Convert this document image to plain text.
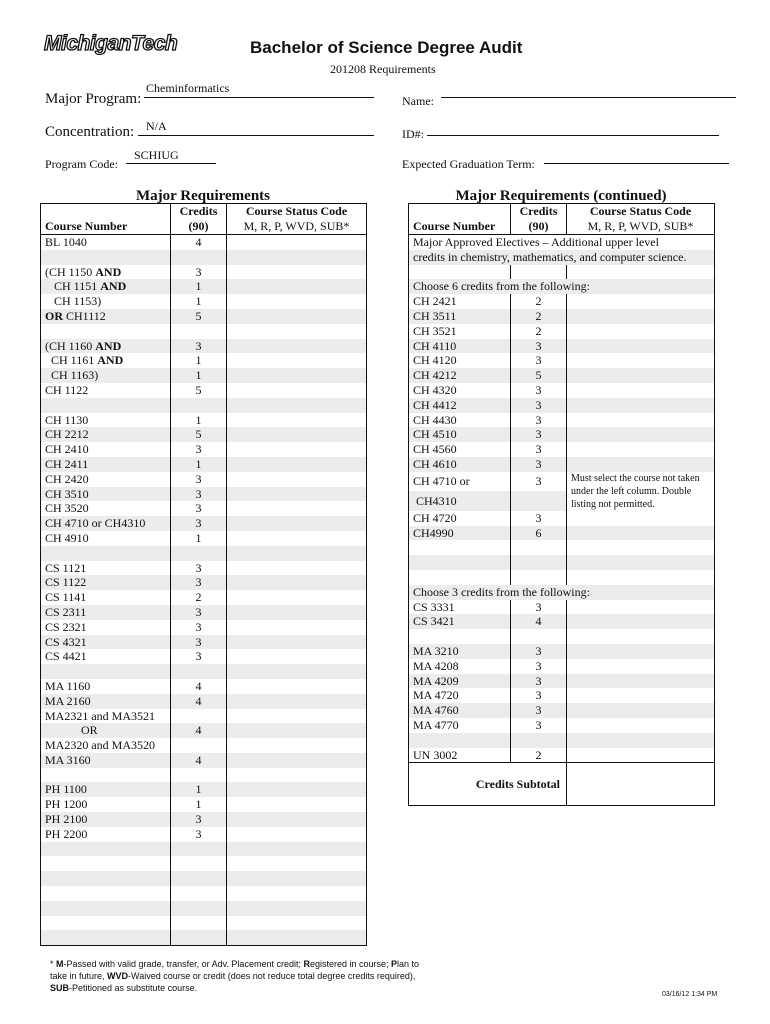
MichiganTech	Bachelor of Science Degree Audit
201208 Requirements
Major Program:
Cheminformatics
Concentration: N/A
Program Code:
SCHIUG
Name:
ID#:
Expected Graduation Term:
Major Requirements	Major Requirements (continued)
	Credits	Course Status Code
Course Number	(90)	M, R, P, WVD, SUB*
BL 1040	4	

(CH 1150 AND	3	
CH 1151 AND	1	
CH 1153)	1	
OR CH1112	5	

(CH 1160 AND	3	
CH 1161 AND	1	
CH 1163)	1	
CH 1122	5	

CH 1130	1	
CH 2212	5	
CH 2410	3	
CH 2411	1	
CH 2420	3	
CH 3510	3	
CH 3520	3	
CH 4710 or CH4310	3	
CH 4910	1	

CS 1121	3	
CS 1122	3	
CS 1141	2	
CS 2311	3	
CS 2321	3	
CS 4321	3	
CS 4421	3	

MA 1160	4	
MA 2160	4	
MA2321 and MA3521		
OR	4	
MA2320 and MA3520		
MA 3160	4	

PH 1100	1	
PH 1200	1	
PH 2100	3	
PH 2200	3	

	Credits	Course Status Code
Course Number	(90)	M, R, P, WVD, SUB*
Major Approved Electives – Additional upper level		
credits in chemistry, mathematics, and computer science.		

Choose 6 credits from the following:		
CH 2421	2	
CH 3511	2	
CH 3521	2	
CH 4110	3	
CH 4120	3	
CH 4212	5	
CH 4320	3	
CH 4412	3	
CH 4430	3	
CH 4510	3	
CH 4560	3	
CH 4610	3	
CH 4710 or	3	Must select the course not taken under the left column. Double listing not permitted.

CH4310		
CH 4720	3	
CH4990	6	

Choose 3 credits from the following:		
CS 3331	3	
CS 3421	4	

MA 3210	3	
MA 4208	3	
MA 4209	3	
MA 4720	3	
MA 4760	3	
MA 4770	3	

UN 3002	2	
Credits Subtotal		
* M-Passed with valid grade, transfer, or Adv. Placement credit; Registered in course; Plan to take in future, WVD-Waived course or credit (does not reduce total degree credits required), SUB-Petitioned as substitute course.
03/16/12 1:34 PM
